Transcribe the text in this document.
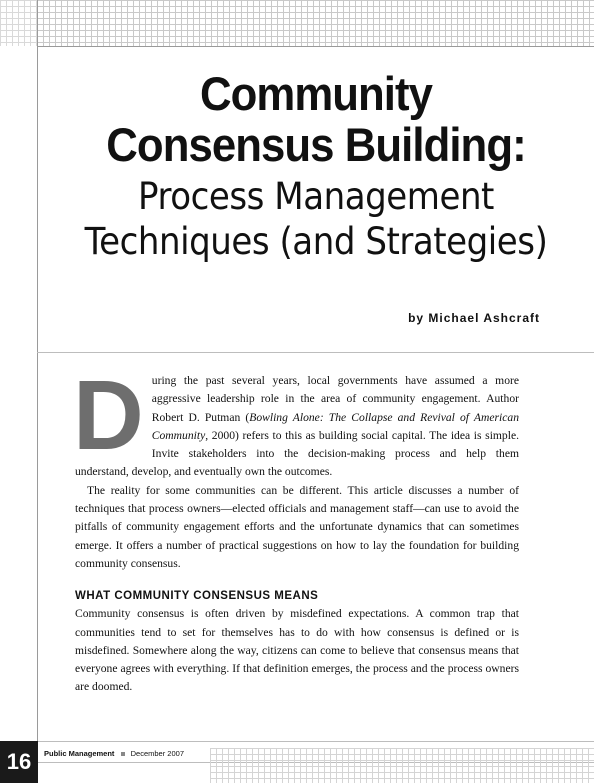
Community
Consensus Building:
Process Management
Techniques (and Strategies)
by Michael Ashcraft

During the past several years, local governments have assumed a more aggressive leadership role in the area of community engagement. Author Robert D. Putman (Bowling Alone: The Collapse and Revival of American Community, 2000) refers to this as building social capital. The idea is simple. Invite stakeholders into the decision-making process and help them understand, develop, and eventually own the outcomes.

The reality for some communities can be different. This article discusses a number of techniques that process owners—elected officials and management staff—can use to avoid the pitfalls of community engagement efforts and the unfortunate dynamics that can sometimes emerge. It offers a number of practical suggestions on how to lay the foundation for building community consensus.

WHAT COMMUNITY CONSENSUS MEANS

Community consensus is often driven by misdefined expectations. A common trap that communities tend to set for themselves has to do with how consensus is defined or is misdefined. Somewhere along the way, citizens can come to believe that consensus means that everyone agrees with everything. If that definition emerges, the process and the process owners are doomed.

16	Public Management December 2007
